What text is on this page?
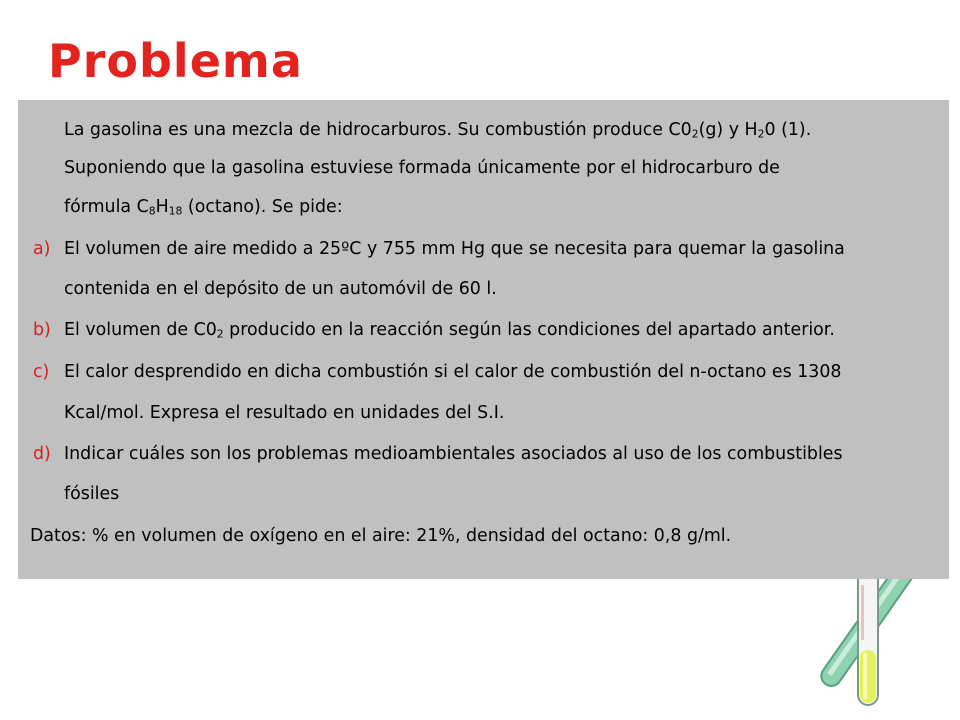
Problema
La gasolina es una mezcla de hidrocarburos. Su combustión produce $C0_2(g)$ y $H_20$ (1).
Suponiendo que la gasolina estuviese formada únicamente por el hidrocarburo de
fórmula $C_8H_{18}$ (octano). Se pide:
a) El volumen de aire medido a 25ºC y 755 mm Hg que se necesita para quemar la gasolina
contenida en el depósito de un automóvil de 60 l.
b) El volumen de $C0_2$ producido en la reacción según las condiciones del apartado anterior.
c) El calor desprendido en dicha combustión si el calor de combustión del n-octano es 1308
Kcal/mol. Expresa el resultado en unidades del S.I.
d) Indicar cuáles son los problemas medioambientales asociados al uso de los combustibles
fósiles
Datos: % en volumen de oxígeno en el aire: 21%, densidad del octano: 0,8 g/ml.
